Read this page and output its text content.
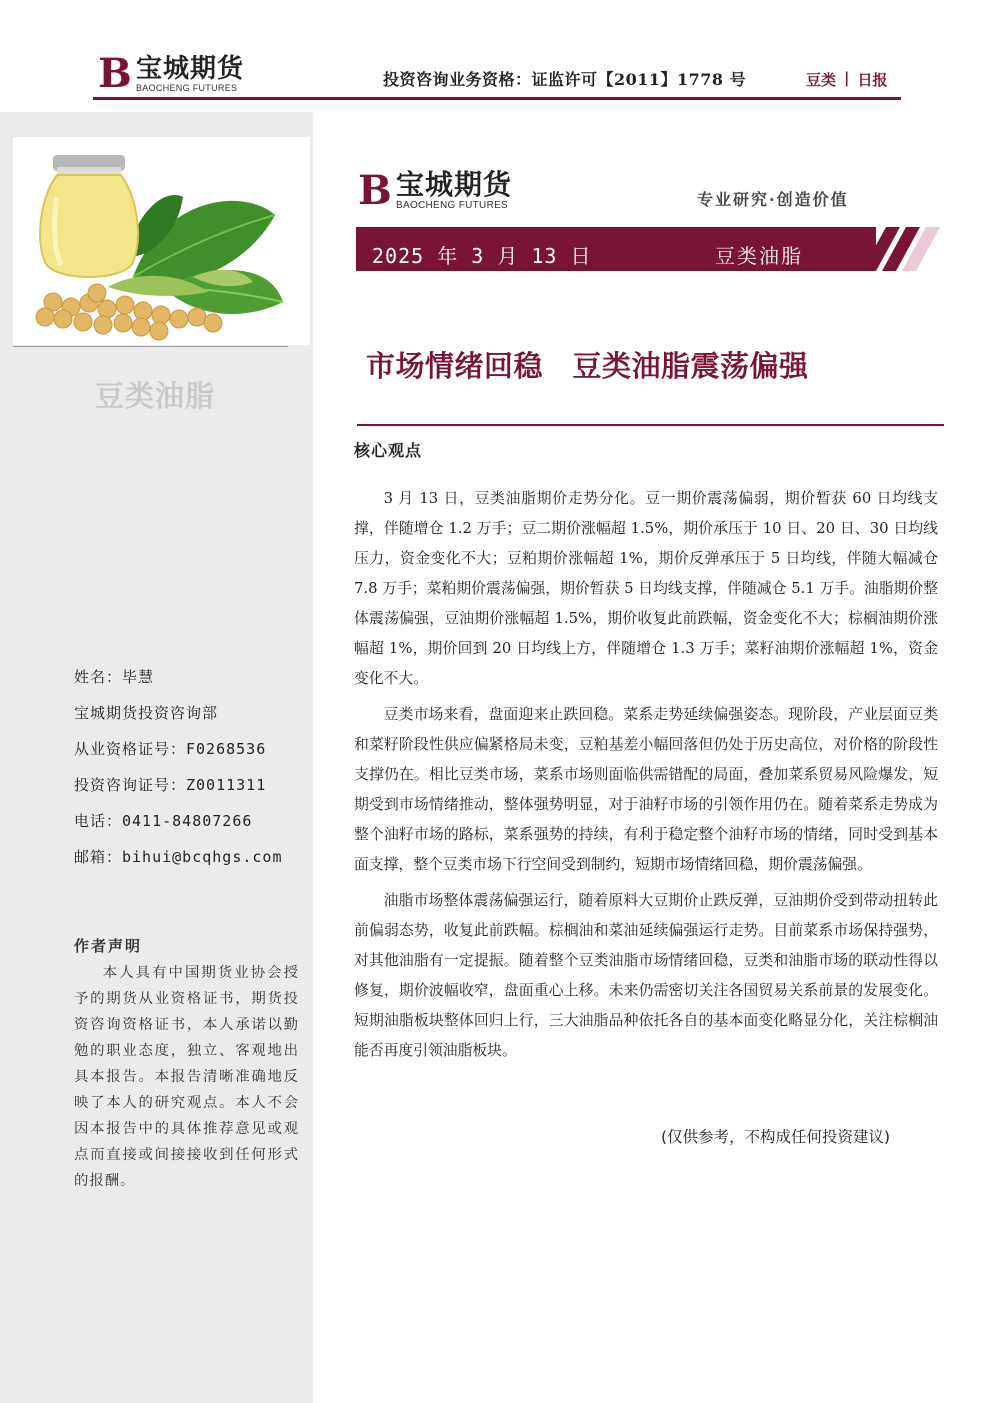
B 宝城期货
BAOCHENG FUTURES	投资咨询业务资格：证监许可【2011】1778 号	豆类 | 日报
豆类油脂
姓名：毕慧
宝城期货投资咨询部
从业资格证号：F0268536
投资咨询证号：Z0011311
电话：0411-84807266
邮箱：bihui@bcqhgs.com
作者声明
本人具有中国期货业协会授予的期货从业资格证书，期货投资咨询资格证书，本人承诺以勤勉的职业态度，独立、客观地出具本报告。本报告清晰准确地反映了本人的研究观点。本人不会因本报告中的具体推荐意见或观点而直接或间接接收到任何形式的报酬。
B 宝城期货
BAOCHENG FUTURES	专业研究·创造价值
2025 年 3 月 13 日	豆类油脂
市场情绪回稳　豆类油脂震荡偏强
核心观点

3 月 13 日，豆类油脂期价走势分化。豆一期价震荡偏弱，期价暂获 60 日均线支撑，伴随增仓 1.2 万手；豆二期价涨幅超 1.5%，期价承压于 10 日、20 日、30 日均线压力，资金变化不大；豆粕期价涨幅超 1%，期价反弹承压于 5 日均线，伴随大幅减仓 7.8 万手；菜粕期价震荡偏强，期价暂获 5 日均线支撑，伴随减仓 5.1 万手。油脂期价整体震荡偏强，豆油期价涨幅超 1.5%，期价收复此前跌幅，资金变化不大；棕榈油期价涨幅超 1%，期价回到 20 日均线上方，伴随增仓 1.3 万手；菜籽油期价涨幅超 1%，资金变化不大。

豆类市场来看，盘面迎来止跌回稳。菜系走势延续偏强姿态。现阶段，产业层面豆类和菜籽阶段性供应偏紧格局未变，豆粕基差小幅回落但仍处于历史高位，对价格的阶段性支撑仍在。相比豆类市场，菜系市场则面临供需错配的局面，叠加菜系贸易风险爆发，短期受到市场情绪推动，整体强势明显，对于油籽市场的引领作用仍在。随着菜系走势成为整个油籽市场的路标，菜系强势的持续，有利于稳定整个油籽市场的情绪，同时受到基本面支撑，整个豆类市场下行空间受到制约，短期市场情绪回稳，期价震荡偏强。

油脂市场整体震荡偏强运行，随着原料大豆期价止跌反弹，豆油期价受到带动扭转此前偏弱态势，收复此前跌幅。棕榈油和菜油延续偏强运行走势。目前菜系市场保持强势，对其他油脂有一定提振。随着整个豆类油脂市场情绪回稳，豆类和油脂市场的联动性得以修复，期价波幅收窄，盘面重心上移。未来仍需密切关注各国贸易关系前景的发展变化。短期油脂板块整体回归上行，三大油脂品种依托各自的基本面变化略显分化，关注棕榈油能否再度引领油脂板块。

(仅供参考，不构成任何投资建议)
